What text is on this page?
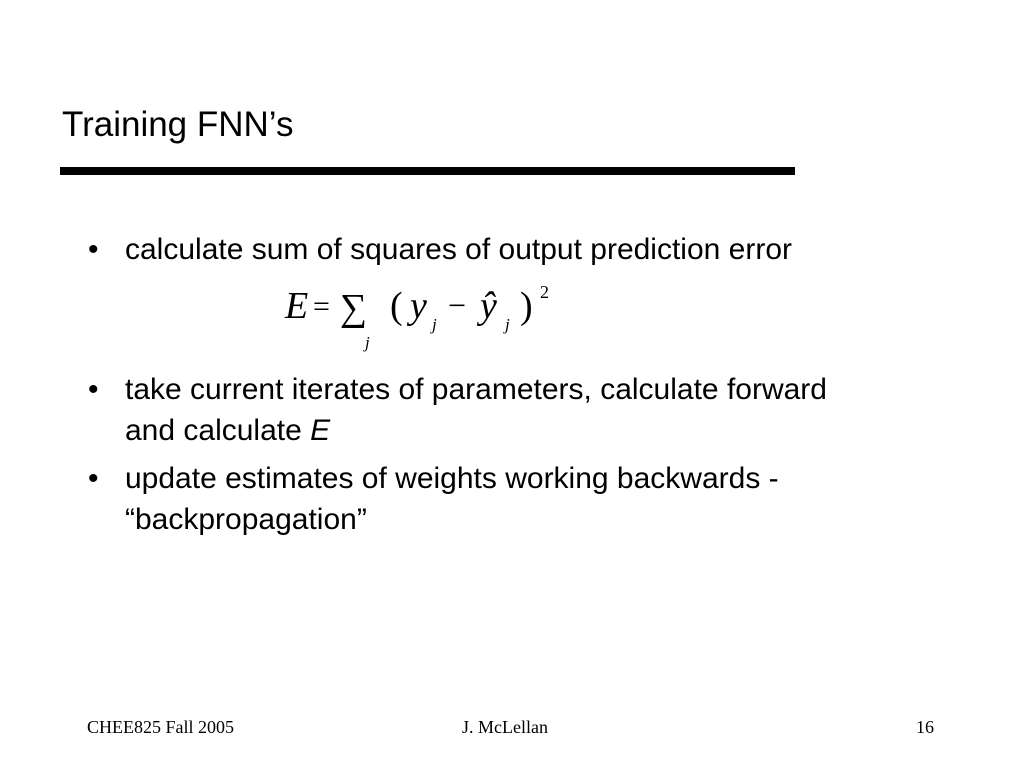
Training FNN’s
• calculate sum of squares of output prediction error
• take current iterates of parameters, calculate forward
and calculate E
• update estimates of weights working backwards -
“backpropagation”
E = ∑
j
( y j
− ŷ j ) 2
CHEE825 Fall 2005	J. McLellan	16
